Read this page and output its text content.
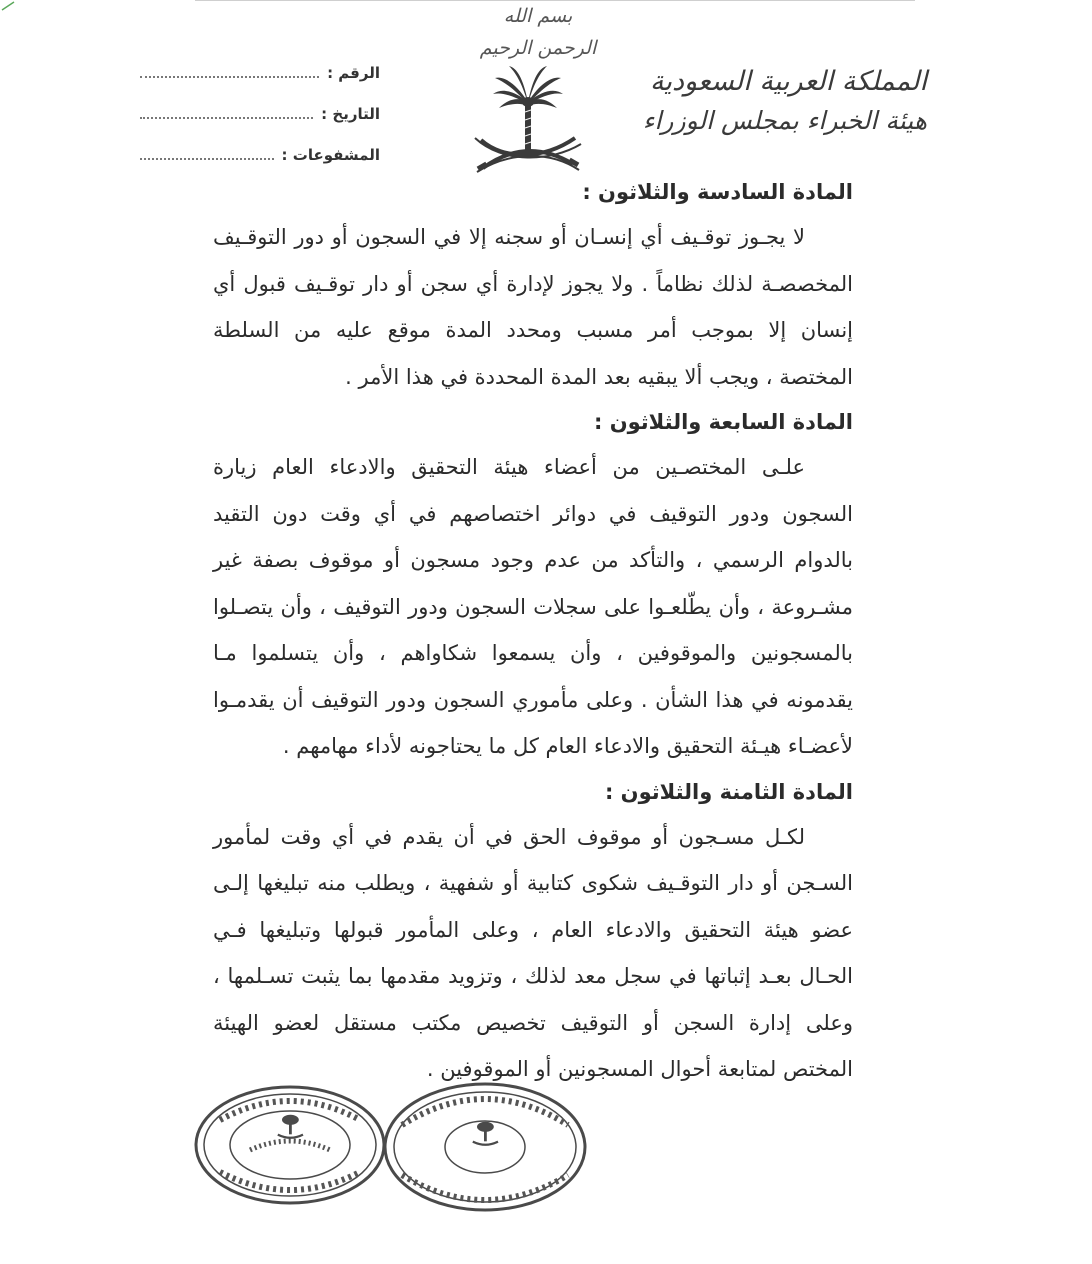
بسم الله الرحمن الرحيم
المملكة العربية السعودية
هيئة الخبراء بمجلس الوزراء
الرقم :
التاريخ :
المشفوعات :

المادة السادسة والثلاثون :

لا يجـوز توقـيف أي إنسـان أو سجنه إلا في السجون أو دور التوقـيف المخصصـة لذلك نظاماً . ولا يجوز لإدارة أي سجن أو دار توقـيف قبول أي إنسان إلا بموجب أمر مسبب ومحدد المدة موقع عليه من السلطة المختصة ، ويجب ألا يبقيه بعد المدة المحددة في هذا الأمر .

المادة السابعة والثلاثون :

علـى المختصـين من أعضاء هيئة التحقيق والادعاء العام زيارة السجون ودور التوقيف في دوائر اختصاصهم في أي وقت دون التقيد بالدوام الرسمي ، والتأكد من عدم وجود مسجون أو موقوف بصفة غير مشـروعة ، وأن يطّلعـوا على سجلات السجون ودور التوقيف ، وأن يتصـلوا بالمسجونين والموقوفين ، وأن يسمعوا شكاواهم ، وأن يتسلموا مـا يقدمونه في هذا الشأن . وعلى مأموري السجون ودور التوقيف أن يقدمـوا لأعضـاء هيـئة التحقيق والادعاء العام كل ما يحتاجونه لأداء مهامهم .

المادة الثامنة والثلاثون :

لكـل مسـجون أو موقوف الحق في أن يقدم في أي وقت لمأمور السـجن أو دار التوقـيف شكوى كتابية أو شفهية ، ويطلب منه تبليغها إلـى عضو هيئة التحقيق والادعاء العام ، وعلى المأمور قبولها وتبليغها فـي الحـال بعـد إثباتها في سجل معد لذلك ، وتزويد مقدمها بما يثبت تسـلمها ، وعلى إدارة السجن أو التوقيف تخصيص مكتب مستقل لعضو الهيئة المختص لمتابعة أحوال المسجونين أو الموقوفين .
